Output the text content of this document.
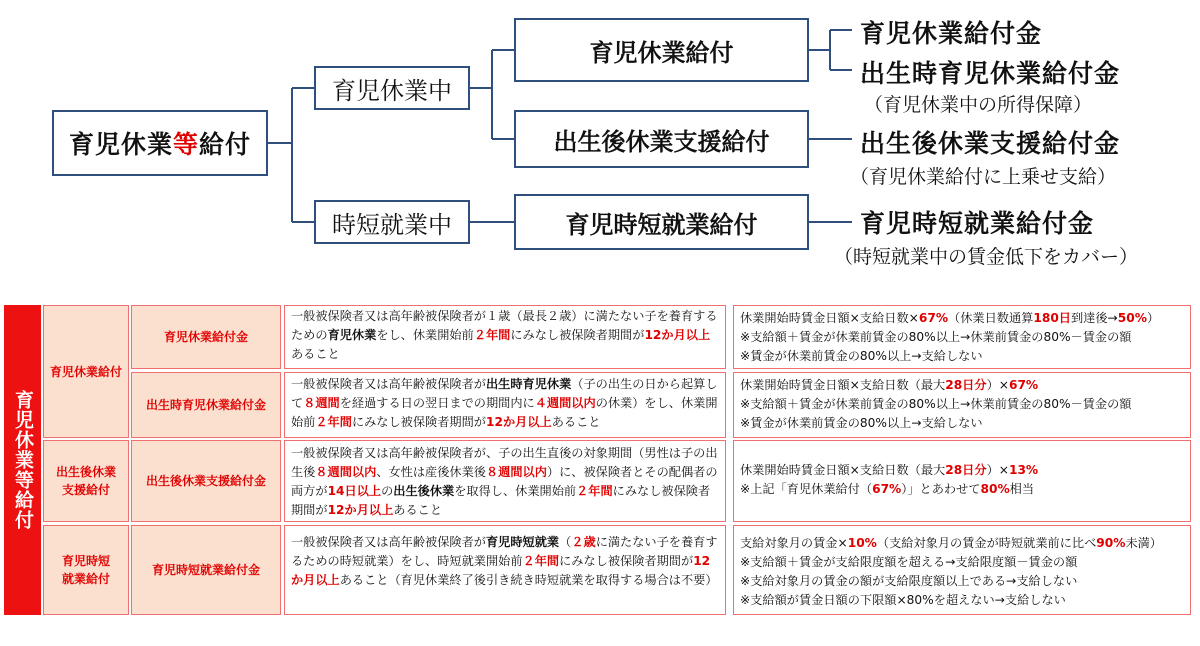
育児休業 等 給付
育児休業中
時短就業中
育児休業給付
出生後休業支援給付
育児時短就業給付
育児休業給付金
出生時育児休業給付金
（育児休業中の所得保障）
出生後休業支援給付金
（育児休業給付に上乗せ支給）
育児時短就業給付金
（時短就業中の賃金低下をカバー）
育児休業等給付
育児休業給付
出生後休業
支援給付
育児時短
就業給付
育児休業給付金
出生時育児休業給付金
出生後休業支援給付金
育児時短就業給付金
一般被保険者又は高年齢被保険者が１歳（最長２歳）に満たない子を養育するための育児休業をし、休業開始前２年間にみなし被保険者期間が12か月以上あること
一般被保険者又は高年齢被保険者が出生時育児休業（子の出生の日から起算して８週間を経過する日の翌日までの期間内に４週間以内の休業）をし、休業開始前２年間にみなし被保険者期間が12か月以上あること
一般被保険者又は高年齢被保険者が、子の出生直後の対象期間（男性は子の出生後８週間以内、女性は産後休業後８週間以内）に、被保険者とその配偶者の両方が14日以上の出生後休業を取得し、休業開始前２年間にみなし被保険者期間が12か月以上あること
一般被保険者又は高年齢被保険者が育児時短就業（２歳に満たない子を養育するための時短就業）をし、時短就業開始前２年間にみなし被保険者期間が12か月以上あること（育児休業終了後引き続き時短就業を取得する場合は不要）
休業開始時賃金日額×支給日数×67%（休業日数通算180日到達後→50%）
※支給額＋賃金が休業前賃金の80%以上→休業前賃金の80%－賃金の額
※賃金が休業前賃金の80%以上→支給しない
休業開始時賃金日額×支給日数（最大28日分）×67%
※支給額＋賃金が休業前賃金の80%以上→休業前賃金の80%－賃金の額
※賃金が休業前賃金の80%以上→支給しない
休業開始時賃金日額×支給日数（最大28日分）×13%
※上記「育児休業給付（67%）」とあわせて80%相当
支給対象月の賃金×10%（支給対象月の賃金が時短就業前に比べ90%未満）
※支給額＋賃金が支給限度額を超える→支給限度額－賃金の額
※支給対象月の賃金の額が支給限度額以上である→支給しない
※支給額が賃金日額の下限額×80%を超えない→支給しない
